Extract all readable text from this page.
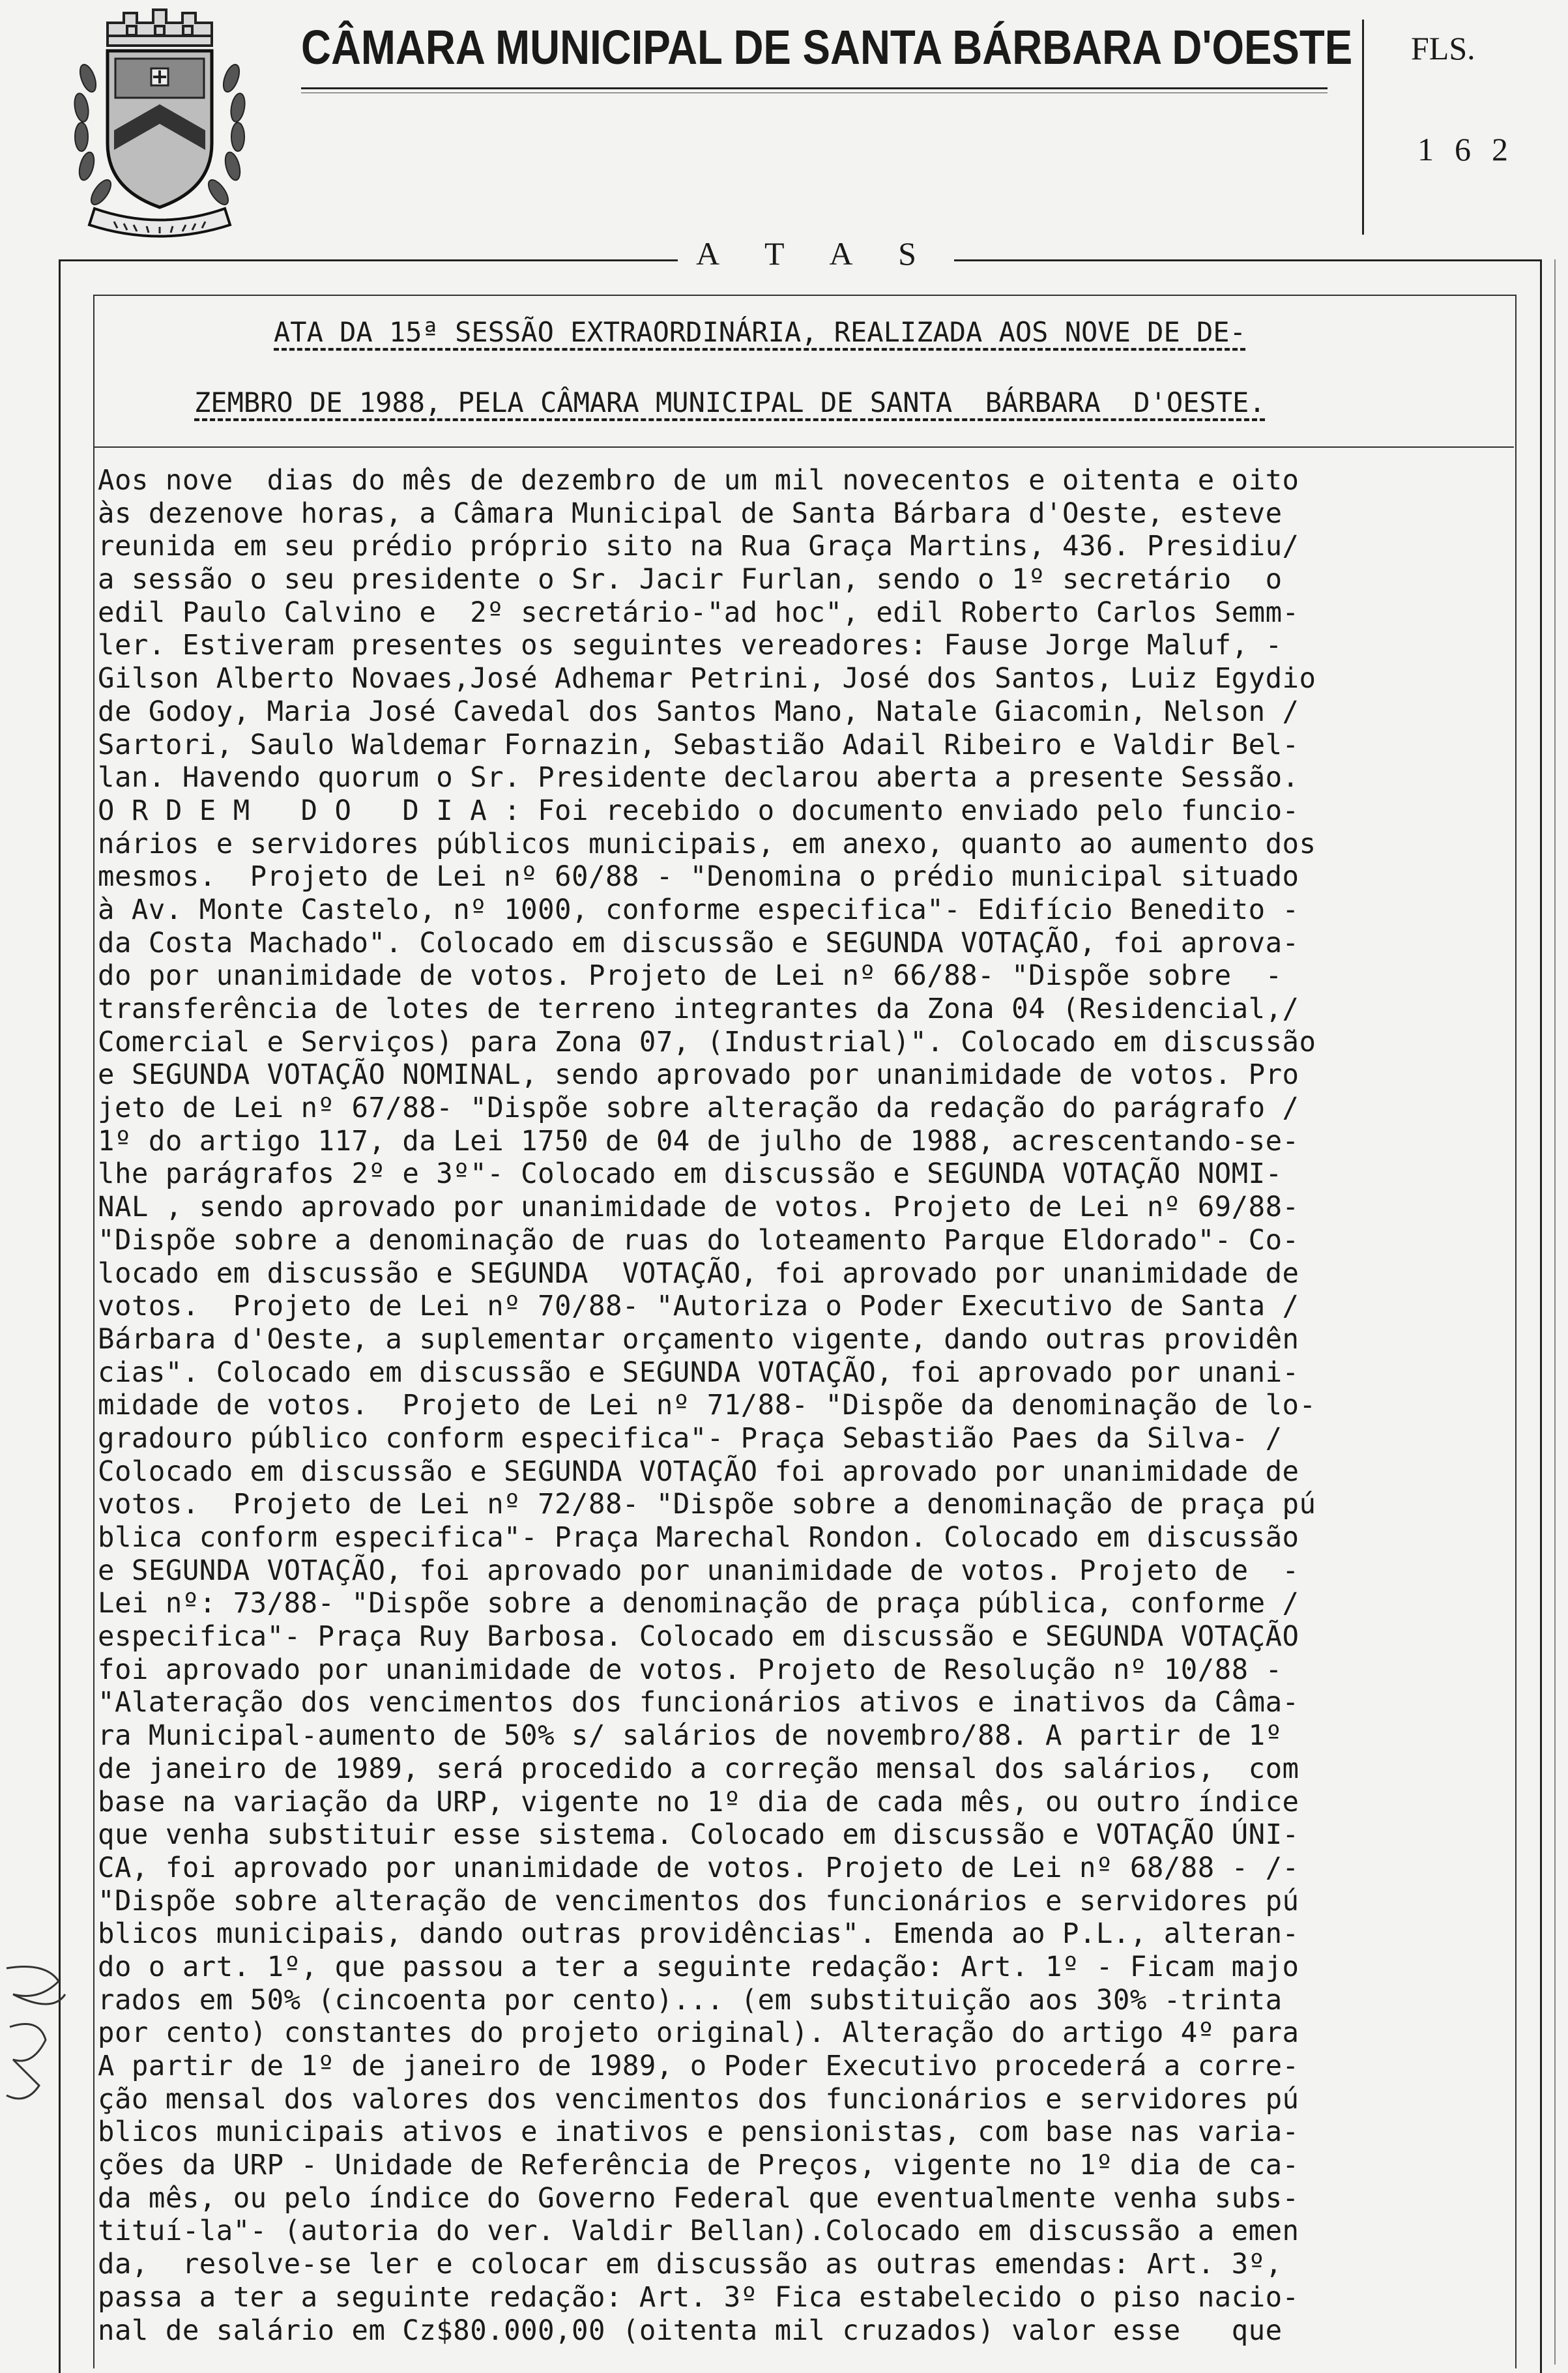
CÂMARA MUNICIPAL DE SANTA BÁRBARA D'OESTE FLS.
162
A T A S
ATA DA 15ª SESSÃO EXTRAORDINÁRIA, REALIZADA AOS NOVE DE DE-
ZEMBRO DE 1988, PELA CÂMARA MUNICIPAL DE SANTA  BÁRBARA  D'OESTE.
Aos nove  dias do mês de dezembro de um mil novecentos e oitenta e oito
às dezenove horas, a Câmara Municipal de Santa Bárbara d'Oeste, esteve
reunida em seu prédio próprio sito na Rua Graça Martins, 436. Presidiu/
a sessão o seu presidente o Sr. Jacir Furlan, sendo o 1º secretário  o
edil Paulo Calvino e  2º secretário-"ad hoc", edil Roberto Carlos Semm-
ler. Estiveram presentes os seguintes vereadores: Fause Jorge Maluf, -
Gilson Alberto Novaes,José Adhemar Petrini, José dos Santos, Luiz Egydio
de Godoy, Maria José Cavedal dos Santos Mano, Natale Giacomin, Nelson /
Sartori, Saulo Waldemar Fornazin, Sebastião Adail Ribeiro e Valdir Bel-
lan. Havendo quorum o Sr. Presidente declarou aberta a presente Sessão.
O R D E M   D O   D I A : Foi recebido o documento enviado pelo funcio-
nários e servidores públicos municipais, em anexo, quanto ao aumento dos
mesmos.  Projeto de Lei nº 60/88 - "Denomina o prédio municipal situado
à Av. Monte Castelo, nº 1000, conforme especifica"- Edifício Benedito -
da Costa Machado". Colocado em discussão e SEGUNDA VOTAÇÃO, foi aprova-
do por unanimidade de votos. Projeto de Lei nº 66/88- "Dispõe sobre  -
transferência de lotes de terreno integrantes da Zona 04 (Residencial,/
Comercial e Serviços) para Zona 07, (Industrial)". Colocado em discussão
e SEGUNDA VOTAÇÃO NOMINAL, sendo aprovado por unanimidade de votos. Pro
jeto de Lei nº 67/88- "Dispõe sobre alteração da redação do parágrafo /
1º do artigo 117, da Lei 1750 de 04 de julho de 1988, acrescentando-se-
lhe parágrafos 2º e 3º"- Colocado em discussão e SEGUNDA VOTAÇÃO NOMI-
NAL , sendo aprovado por unanimidade de votos. Projeto de Lei nº 69/88-
"Dispõe sobre a denominação de ruas do loteamento Parque Eldorado"- Co-
locado em discussão e SEGUNDA  VOTAÇÃO, foi aprovado por unanimidade de
votos.  Projeto de Lei nº 70/88- "Autoriza o Poder Executivo de Santa /
Bárbara d'Oeste, a suplementar orçamento vigente, dando outras providên
cias". Colocado em discussão e SEGUNDA VOTAÇÃO, foi aprovado por unani-
midade de votos.  Projeto de Lei nº 71/88- "Dispõe da denominação de lo-
gradouro público conform especifica"- Praça Sebastião Paes da Silva- /
Colocado em discussão e SEGUNDA VOTAÇÃO foi aprovado por unanimidade de
votos.  Projeto de Lei nº 72/88- "Dispõe sobre a denominação de praça pú
blica conform especifica"- Praça Marechal Rondon. Colocado em discussão
e SEGUNDA VOTAÇÃO, foi aprovado por unanimidade de votos. Projeto de  -
Lei nº: 73/88- "Dispõe sobre a denominação de praça pública, conforme /
especifica"- Praça Ruy Barbosa. Colocado em discussão e SEGUNDA VOTAÇÃO
foi aprovado por unanimidade de votos. Projeto de Resolução nº 10/88 -
"Alateração dos vencimentos dos funcionários ativos e inativos da Câma-
ra Municipal-aumento de 50% s/ salários de novembro/88. A partir de 1º
de janeiro de 1989, será procedido a correção mensal dos salários,  com
base na variação da URP, vigente no 1º dia de cada mês, ou outro índice
que venha substituir esse sistema. Colocado em discussão e VOTAÇÃO ÚNI-
CA, foi aprovado por unanimidade de votos. Projeto de Lei nº 68/88 - /-
"Dispõe sobre alteração de vencimentos dos funcionários e servidores pú
blicos municipais, dando outras providências". Emenda ao P.L., alteran-
do o art. 1º, que passou a ter a seguinte redação: Art. 1º - Ficam majo
rados em 50% (cincoenta por cento)... (em substituição aos 30% -trinta
por cento) constantes do projeto original). Alteração do artigo 4º para
A partir de 1º de janeiro de 1989, o Poder Executivo procederá a corre-
ção mensal dos valores dos vencimentos dos funcionários e servidores pú
blicos municipais ativos e inativos e pensionistas, com base nas varia-
ções da URP - Unidade de Referência de Preços, vigente no 1º dia de ca-
da mês, ou pelo índice do Governo Federal que eventualmente venha subs-
tituí-la"- (autoria do ver. Valdir Bellan).Colocado em discussão a emen
da,  resolve-se ler e colocar em discussão as outras emendas: Art. 3º,
passa a ter a seguinte redação: Art. 3º Fica estabelecido o piso nacio-
nal de salário em Cz$80.000,00 (oitenta mil cruzados) valor esse   que
